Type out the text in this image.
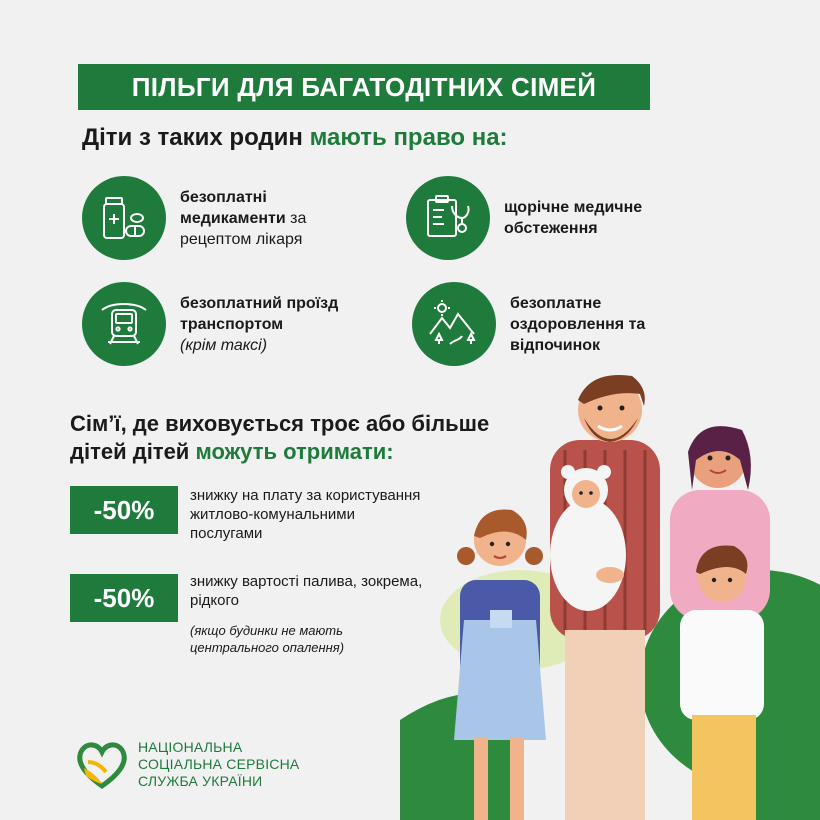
ПІЛЬГИ ДЛЯ БАГАТОДІТНИХ СІМЕЙ
Діти з таких родин мають право на:
безоплатні
медикаменти за
рецептом лікаря
щорічне медичне
обстеження
безоплатний проїзд
транспортом
(крім таксі)
безоплатне
оздоровлення та
відпочинок
Сім’ї, де виховується троє або більше
дітей дітей можуть отримати:
-50%	знижку на плату за користування житлово-комунальними послугами
-50%
знижку вартості палива, зокрема, рідкого
(якщо будинки не мають центрального опалення)
НАЦІОНАЛЬНА
СОЦІАЛЬНА СЕРВІСНА
СЛУЖБА УКРАЇНИ
